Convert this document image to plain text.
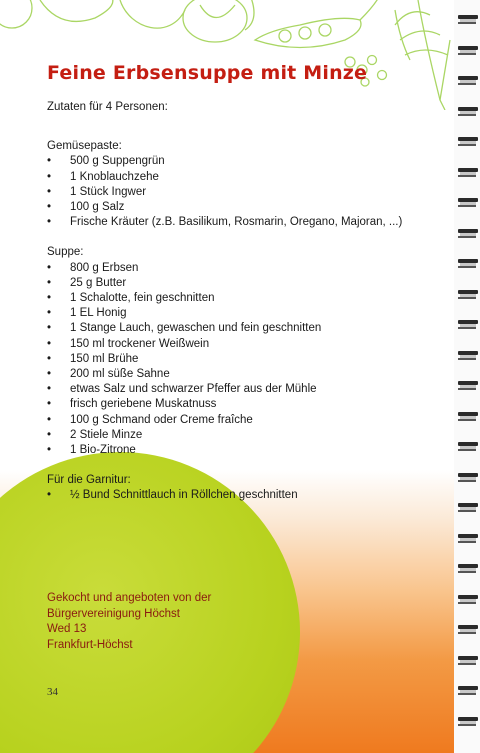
Feine Erbsensuppe mit Minze

Zutaten für 4 Personen:

Gemüsepaste:

• 500 g Suppengrün
• 1 Knoblauchzehe
• 1 Stück Ingwer
• 100 g Salz
• Frische Kräuter (z.B. Basilikum, Rosmarin, Oregano, Majoran, ...)

Suppe:

• 800 g Erbsen
• 25 g Butter
• 1 Schalotte, fein geschnitten
• 1 EL Honig
• 1 Stange Lauch, gewaschen und fein geschnitten
• 150 ml trockener Weißwein
• 150 ml Brühe
• 200 ml süße Sahne
• etwas Salz und schwarzer Pfeffer aus der Mühle
• frisch geriebene Muskatnuss
• 100 g Schmand oder Creme fraîche
• 2 Stiele Minze
• 1 Bio-Zitrone

Für die Garnitur:

• ½ Bund Schnittlauch in Röllchen geschnitten
Gekocht und angeboten von der
Bürgervereinigung Höchst
Wed 13
Frankfurt-Höchst
34
